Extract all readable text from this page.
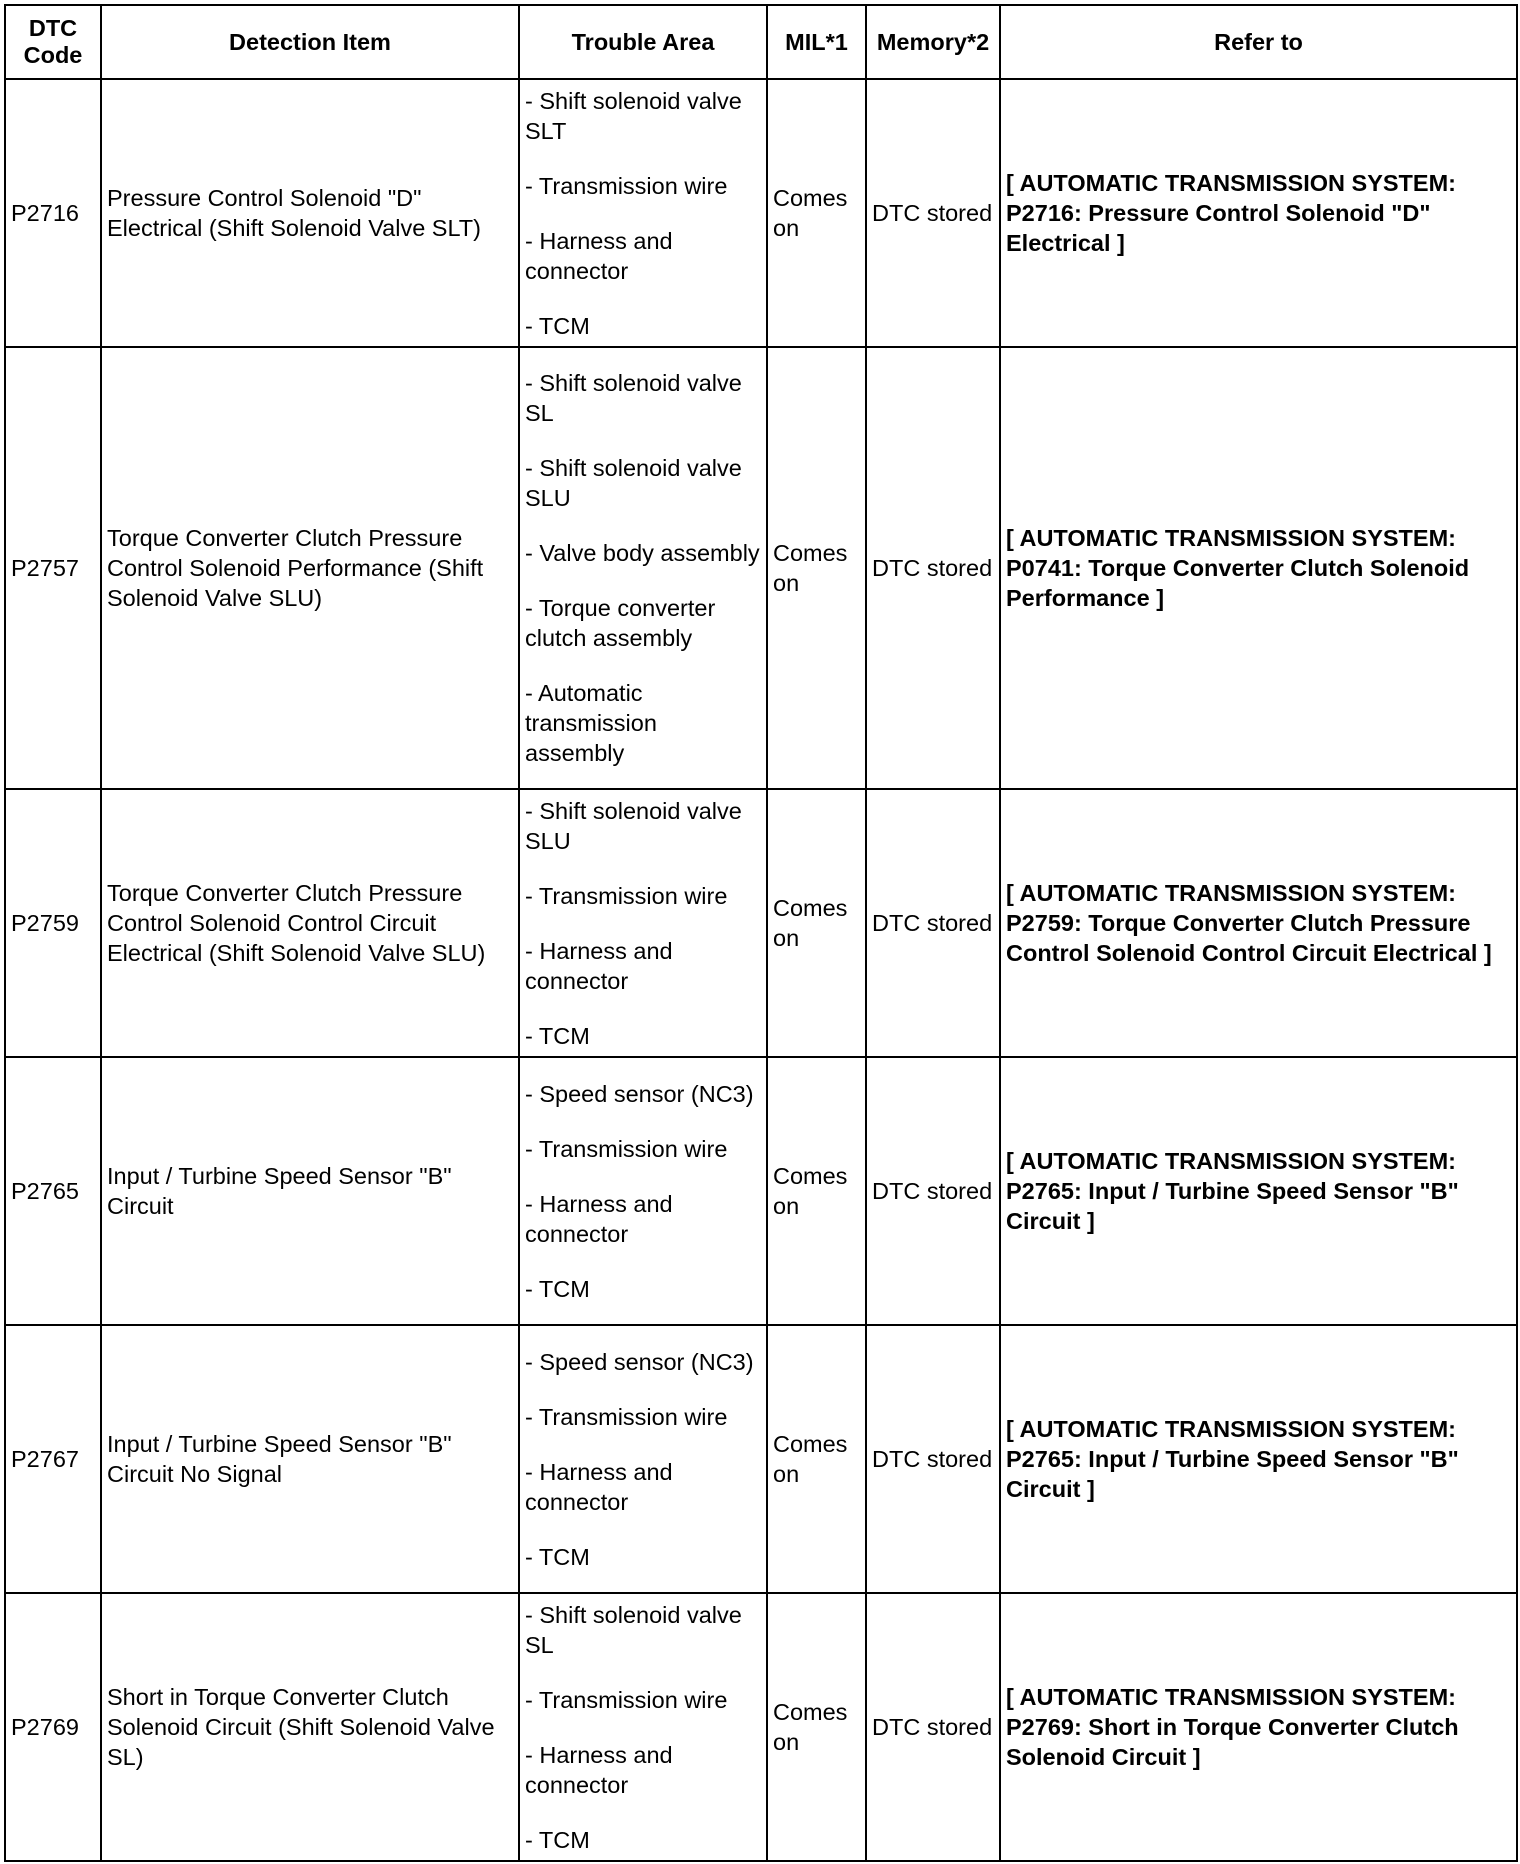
DTC
Code	Detection Item	Trouble Area	MIL*1	Memory*2	Refer to
P2716	Pressure Control Solenoid "D" Electrical (Shift Solenoid Valve SLT)	- Shift solenoid valve SLT
- Transmission wire
- Harness and connector
- TCM	Comes on	DTC stored	[ AUTOMATIC TRANSMISSION SYSTEM: P2716: Pressure Control Solenoid "D" Electrical ]
P2757	Torque Converter Clutch Pressure Control Solenoid Performance (Shift Solenoid Valve SLU)	- Shift solenoid valve SL
- Shift solenoid valve SLU
- Valve body assembly
- Torque converter clutch assembly
- Automatic transmission assembly	Comes on	DTC stored	[ AUTOMATIC TRANSMISSION SYSTEM: P0741: Torque Converter Clutch Solenoid Performance ]
P2759	Torque Converter Clutch Pressure Control Solenoid Control Circuit Electrical (Shift Solenoid Valve SLU)	- Shift solenoid valve SLU
- Transmission wire
- Harness and connector
- TCM	Comes on	DTC stored	[ AUTOMATIC TRANSMISSION SYSTEM: P2759: Torque Converter Clutch Pressure Control Solenoid Control Circuit Electrical ]
P2765	Input / Turbine Speed Sensor "B" Circuit	- Speed sensor (NC3)
- Transmission wire
- Harness and connector
- TCM	Comes on	DTC stored	[ AUTOMATIC TRANSMISSION SYSTEM: P2765: Input / Turbine Speed Sensor "B" Circuit ]
P2767	Input / Turbine Speed Sensor "B" Circuit No Signal	- Speed sensor (NC3)
- Transmission wire
- Harness and connector
- TCM	Comes on	DTC stored	[ AUTOMATIC TRANSMISSION SYSTEM: P2765: Input / Turbine Speed Sensor "B" Circuit ]
P2769	Short in Torque Converter Clutch Solenoid Circuit (Shift Solenoid Valve SL)	- Shift solenoid valve SL
- Transmission wire
- Harness and connector
- TCM	Comes on	DTC stored	[ AUTOMATIC TRANSMISSION SYSTEM: P2769: Short in Torque Converter Clutch Solenoid Circuit ]
